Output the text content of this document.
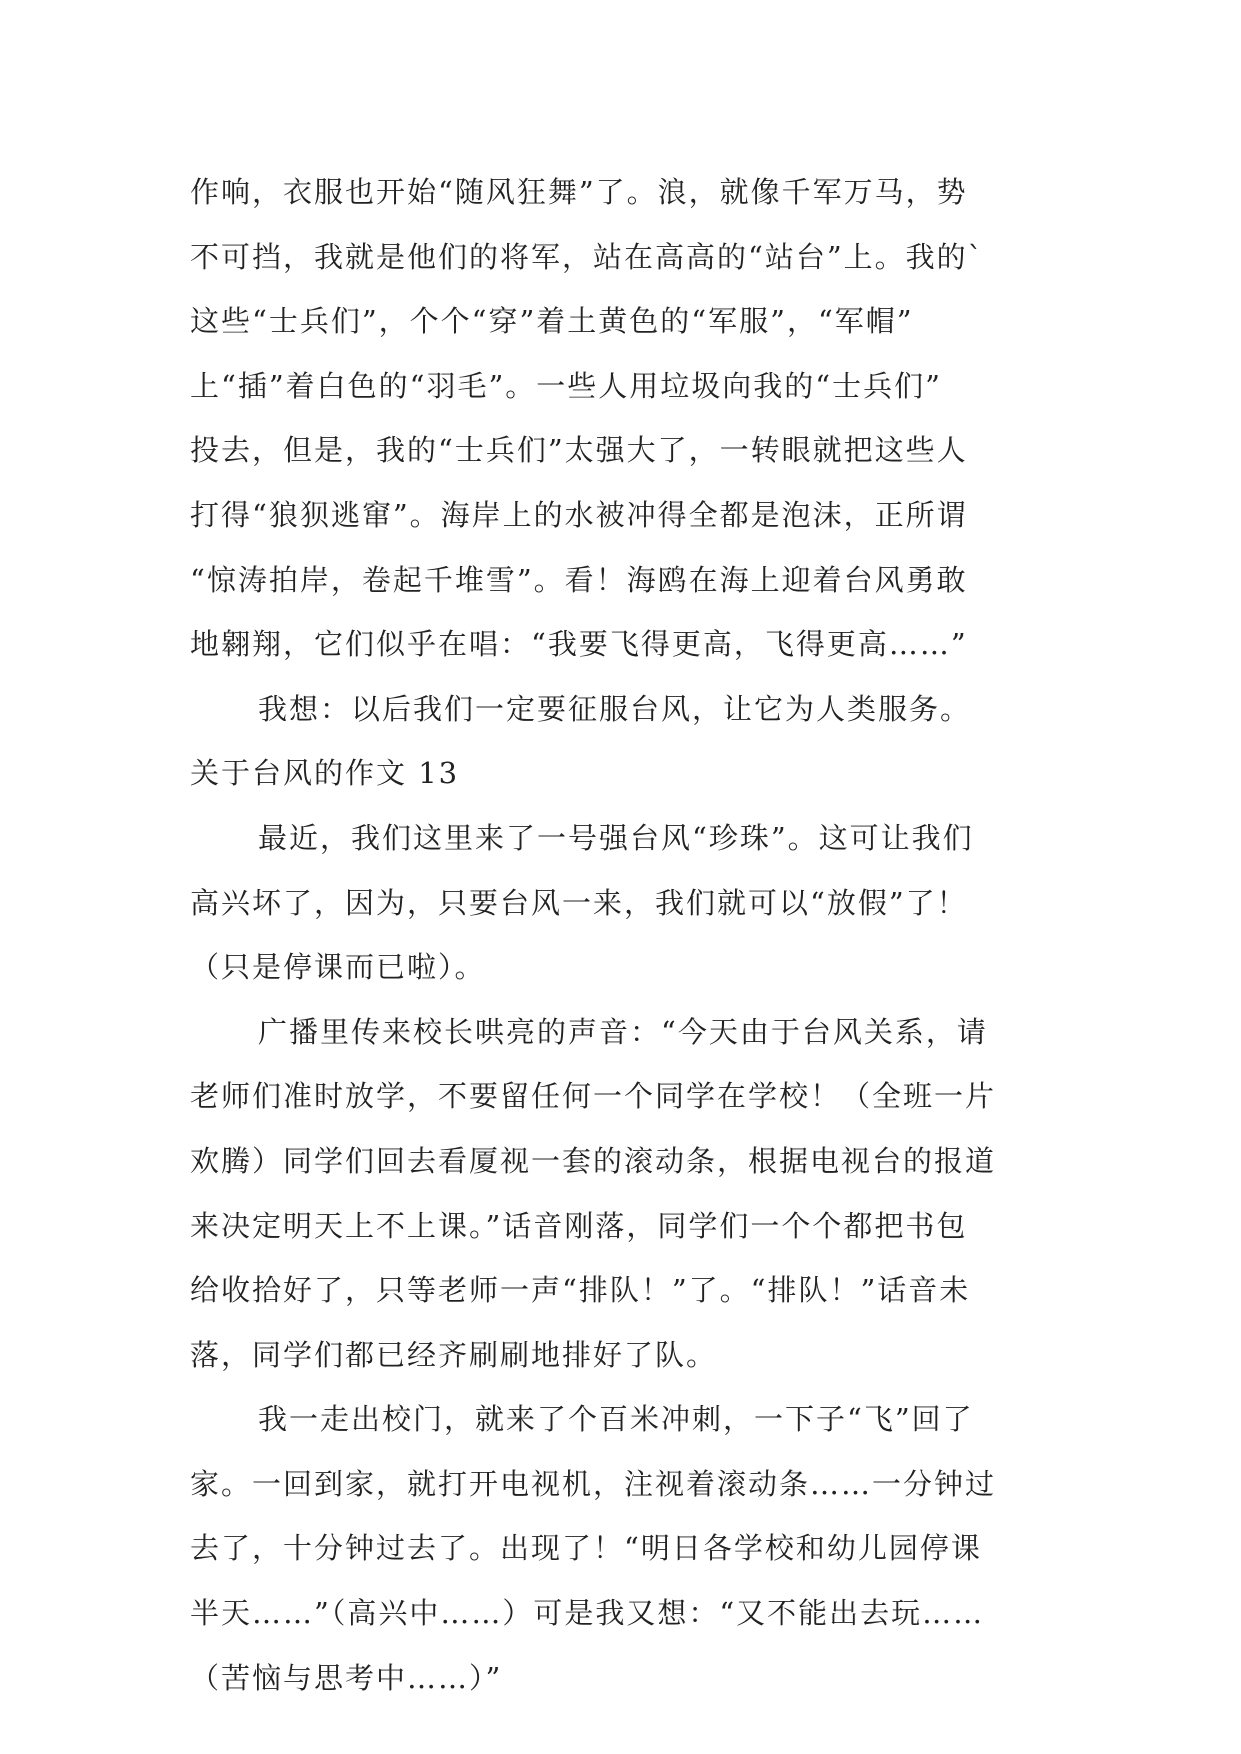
作响，衣服也开始“随风狂舞”了。浪，就像千军万马，势
不可挡，我就是他们的将军，站在高高的“站台”上。我的`
这些“士兵们”，个个“穿”着土黄色的“军服”，“军帽”
上“插”着白色的“羽毛”。一些人用垃圾向我的“士兵们”
投去，但是，我的“士兵们”太强大了，一转眼就把这些人
打得“狼狈逃窜”。海岸上的水被冲得全都是泡沫，正所谓
“惊涛拍岸，卷起千堆雪”。看！海鸥在海上迎着台风勇敢
地翱翔，它们似乎在唱：“我要飞得更高，飞得更高……”
我想：以后我们一定要征服台风，让它为人类服务。
关于台风的作文 13
最近，我们这里来了一号强台风“珍珠”。这可让我们
高兴坏了，因为，只要台风一来，我们就可以“放假”了！
（只是停课而已啦）。
广播里传来校长哄亮的声音：“今天由于台风关系，请
老师们准时放学，不要留任何一个同学在学校！（全班一片
欢腾）同学们回去看厦视一套的滚动条，根据电视台的报道
来决定明天上不上课。”话音刚落，同学们一个个都把书包
给收拾好了，只等老师一声“排队！”了。“排队！”话音未
落，同学们都已经齐刷刷地排好了队。
我一走出校门，就来了个百米冲刺，一下子“飞”回了
家。一回到家，就打开电视机，注视着滚动条……一分钟过
去了，十分钟过去了。出现了！“明日各学校和幼儿园停课
半天……”（高兴中……）可是我又想：“又不能出去玩……
（苦恼与思考中……）”
